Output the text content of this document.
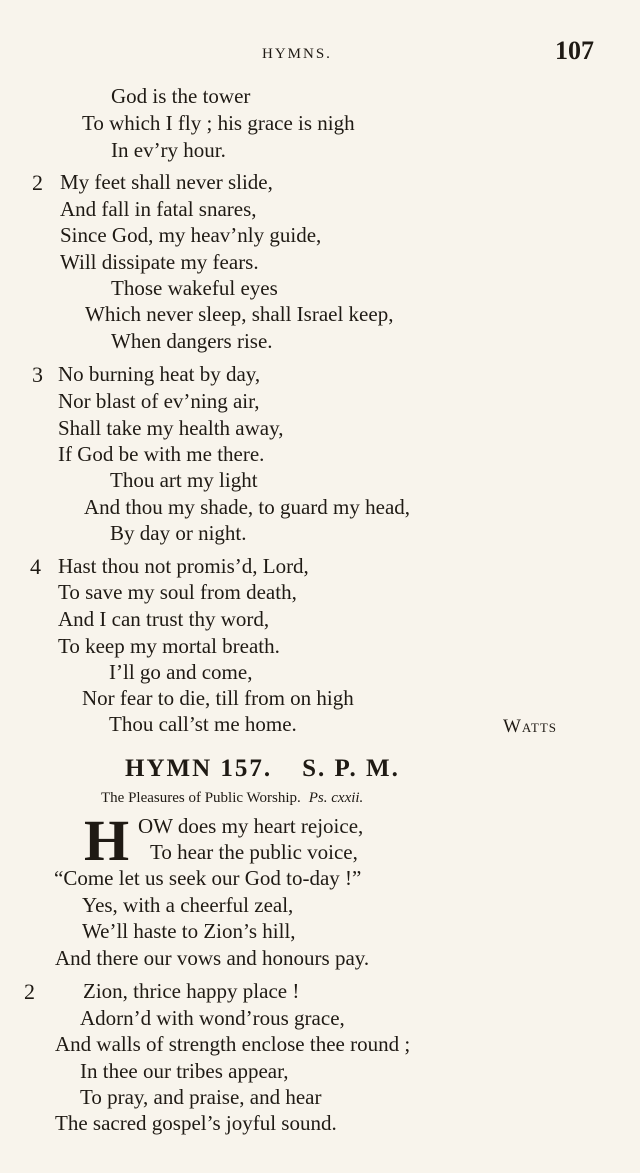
HYMNS.	107
God is the tower
To which I fly ; his grace is nigh
In ev’ry hour.
2 My feet shall never slide,
And fall in fatal snares,
Since God, my heav’nly guide,
Will dissipate my fears.
Those wakeful eyes
Which never sleep, shall Israel keep,
When dangers rise.
3 No burning heat by day,
Nor blast of ev’ning air,
Shall take my health away,
If God be with me there.
Thou art my light
And thou my shade, to guard my head,
By day or night.
4 Hast thou not promis’d, Lord,
To save my soul from death,
And I can trust thy word,
To keep my mortal breath.
I’ll go and come,
Nor fear to die, till from on high
Thou call’st me home.	Watts
HYMN 157. S. P. M.
The Pleasures of Public Worship. Ps. cxxii.
H OW does my heart rejoice,
To hear the public voice,
“Come let us seek our God to-day !”
Yes, with a cheerful zeal,
We’ll haste to Zion’s hill,
And there our vows and honours pay.
2 Zion, thrice happy place !
Adorn’d with wond’rous grace,
And walls of strength enclose thee round ;
In thee our tribes appear,
To pray, and praise, and hear
The sacred gospel’s joyful sound.
